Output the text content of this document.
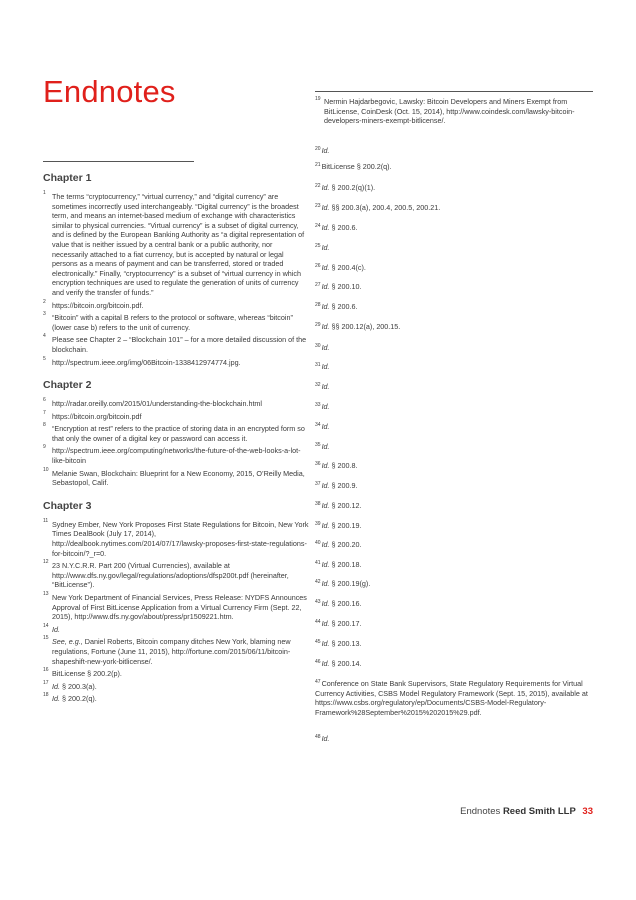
Endnotes
Chapter 1
1 The terms “cryptocurrency,” “virtual currency,” and “digital currency” are sometimes incorrectly used interchangeably. “Digital currency” is the broadest term, and means an internet-based medium of exchange with characteristics similar to physical currencies. “Virtual currency” is a subset of digital currency, and is defined by the European Banking Authority as “a digital representation of value that is neither issued by a central bank or a public authority, nor necessarily attached to a fiat currency, but is accepted by natural or legal persons as a means of payment and can be transferred, stored or traded electronically.” Finally, “cryptocurrency” is a subset of “virtual currency in which encryption techniques are used to regulate the generation of units of currency and verify the transfer of funds.”
2 https://bitcoin.org/bitcoin.pdf.
3 “Bitcoin” with a capital B refers to the protocol or software, whereas “bitcoin” (lower case b) refers to the unit of currency.
4 Please see Chapter 2 – “Blockchain 101” – for a more detailed discussion of the blockchain.
5 http://spectrum.ieee.org/img/06Bitcoin-1338412974774.jpg.
Chapter 2
6 http://radar.oreilly.com/2015/01/understanding-the-blockchain.html
7 https://bitcoin.org/bitcoin.pdf
8 “Encryption at rest” refers to the practice of storing data in an encrypted form so that only the owner of a digital key or password can access it.
9 http://spectrum.ieee.org/computing/networks/the-future-of-the-web-looks-a-lot-like-bitcoin
10 Melanie Swan, Blockchain: Blueprint for a New Economy, 2015, O’Reilly Media, Sebastopol, Calif.
Chapter 3
11 Sydney Ember, New York Proposes First State Regulations for Bitcoin, New York Times DealBook (July 17, 2014), http://dealbook.nytimes.com/2014/07/17/lawsky-proposes-first-state-regulations-for-bitcoin/?_r=0.
12 23 N.Y.C.R.R. Part 200 (Virtual Currencies), available at http://www.dfs.ny.gov/legal/regulations/adoptions/dfsp200t.pdf (hereinafter, “BitLicense”).
13 New York Department of Financial Services, Press Release: NYDFS Announces Approval of First BitLicense Application from a Virtual Currency Firm (Sept. 22, 2015), http://www.dfs.ny.gov/about/press/pr1509221.htm.
14 Id.
15 See, e.g., Daniel Roberts, Bitcoin company ditches New York, blaming new regulations, Fortune (June 11, 2015), http://fortune.com/2015/06/11/bitcoin-shapeshift-new-york-bitlicense/.
16 BitLicense § 200.2(p).
17 Id. § 200.3(a).
18 Id. § 200.2(q).
19 Nermin Hajdarbegovic, Lawsky: Bitcoin Developers and Miners Exempt from BitLicense, CoinDesk (Oct. 15, 2014), http://www.coindesk.com/lawsky-bitcoin-developers-miners-exempt-bitlicense/.
$^{20}$Id.
$^{21}$BitLicense § 200.2(q).
$^{22}$Id. § 200.2(q)(1).
$^{23}$Id. §§ 200.3(a), 200.4, 200.5, 200.21.
$^{24}$Id. § 200.6.
$^{25}$Id.
$^{26}$Id. § 200.4(c).
$^{27}$Id. § 200.10.
$^{28}$Id. § 200.6.
$^{29}$Id. §§ 200.12(a), 200.15.
$^{30}$Id.
$^{31}$Id.
$^{32}$Id.
$^{33}$Id.
$^{34}$Id.
$^{35}$Id.
$^{36}$Id. § 200.8.
$^{37}$Id. § 200.9.
$^{38}$Id. § 200.12.
$^{39}$Id. § 200.19.
$^{40}$Id. § 200.20.
$^{41}$Id. § 200.18.
$^{42}$Id. § 200.19(g).
$^{43}$Id. § 200.16.
$^{44}$Id. § 200.17.
$^{45}$Id. § 200.13.
$^{46}$Id. § 200.14.
$^{47}$Conference on State Bank Supervisors, State Regulatory Requirements for Virtual Currency Activities, CSBS Model Regulatory Framework (Sept. 15, 2015), available at https://www.csbs.org/regulatory/ep/Documents/CSBS-Model-Regulatory-Framework%28September%2015%202015%29.pdf.
$^{48}$Id.
Endnotes Reed Smith LLP 33
